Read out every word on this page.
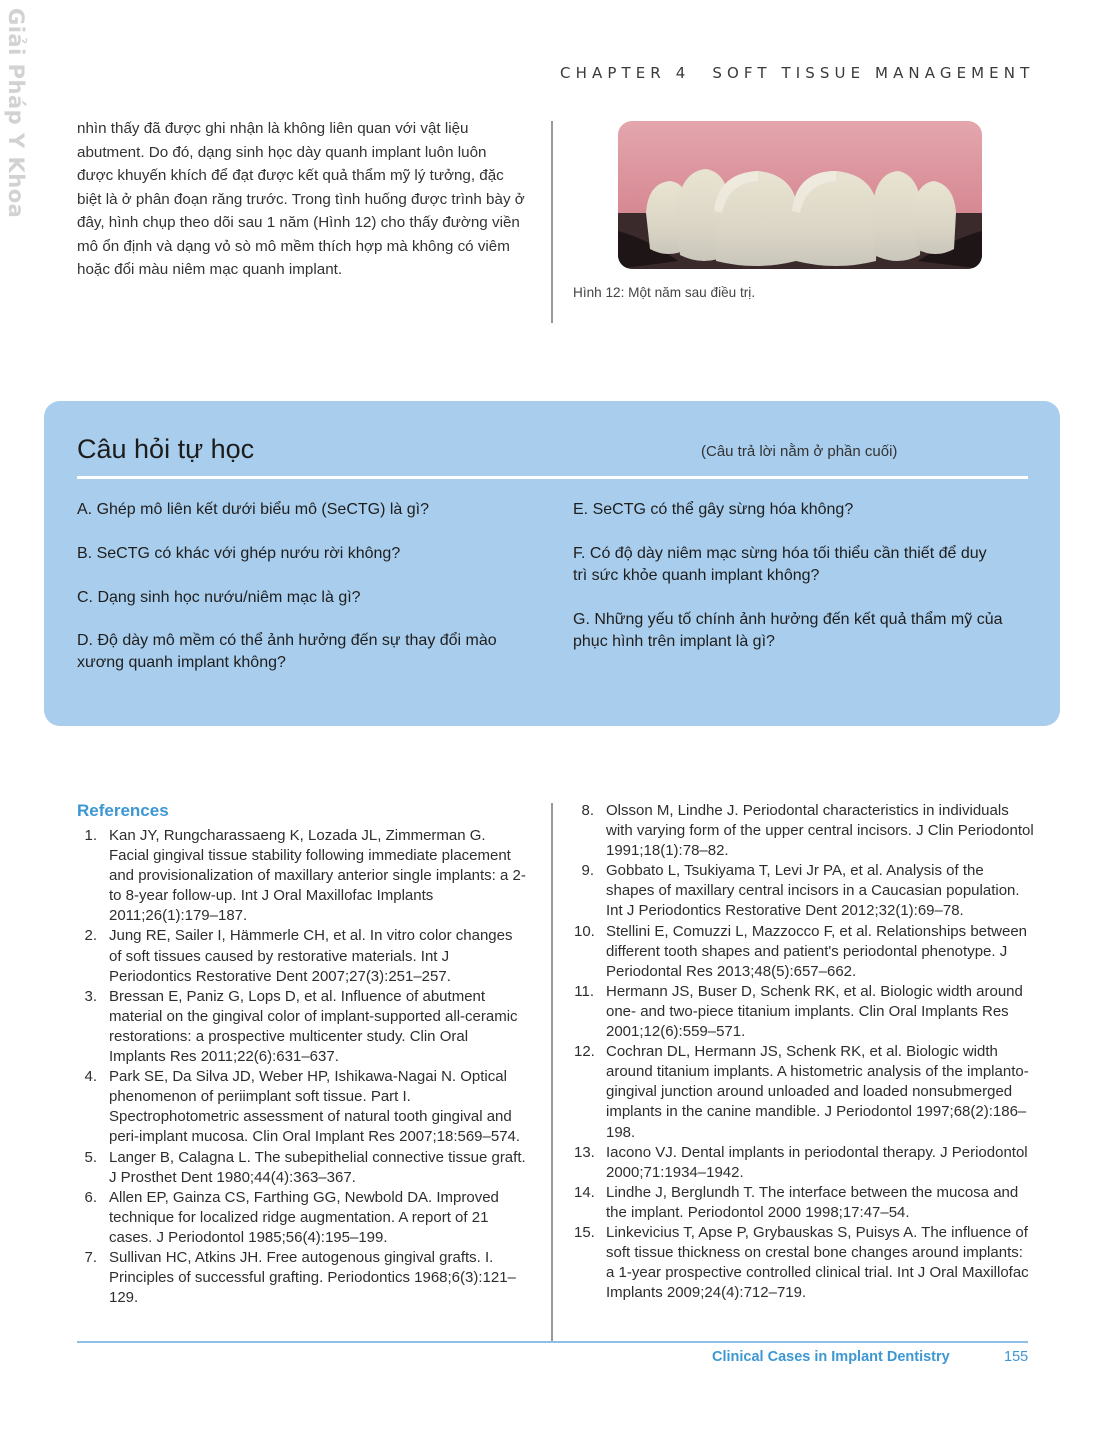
Giải Pháp Y Khoa	CHAPTER 4 SOFT TISSUE MANAGEMENT
nhìn thấy đã được ghi nhận là không liên quan với vật liệu abutment. Do đó, dạng sinh học dày quanh implant luôn luôn được khuyến khích để đạt được kết quả thẩm mỹ lý tưởng, đặc biệt là ở phân đoạn răng trước. Trong tình huống được trình bày ở đây, hình chụp theo dõi sau 1 năm (Hình 12) cho thấy đường viền mô ổn định và dạng vỏ sò mô mềm thích hợp mà không có viêm hoặc đổi màu niêm mạc quanh implant.
Hình 12: Một năm sau điều trị.
Câu hỏi tự học	(Câu trả lời nằm ở phần cuối)
A. Ghép mô liên kết dưới biểu mô (SeCTG) là gì?
B. SeCTG có khác với ghép nướu rời không?
C. Dạng sinh học nướu/niêm mạc là gì?
D. Độ dày mô mềm có thể ảnh hưởng đến sự thay đổi mào xương quanh implant không?
E. SeCTG có thể gây sừng hóa không?
F. Có độ dày niêm mạc sừng hóa tối thiểu cần thiết để duy trì sức khỏe quanh implant không?
G. Những yếu tố chính ảnh hưởng đến kết quả thẩm mỹ của phục hình trên implant là gì?
References
1. Kan JY, Rungcharassaeng K, Lozada JL, Zimmerman G. Facial gingival tissue stability following immediate placement and provisionalization of maxillary anterior single implants: a 2- to 8-year follow-up. Int J Oral Maxillofac Implants 2011;26(1):179–187.
2. Jung RE, Sailer I, Hämmerle CH, et al. In vitro color changes of soft tissues caused by restorative materials. Int J Periodontics Restorative Dent 2007;27(3):251–257.
3. Bressan E, Paniz G, Lops D, et al. Influence of abutment material on the gingival color of implant-supported all-ceramic restorations: a prospective multicenter study. Clin Oral Implants Res 2011;22(6):631–637.
4. Park SE, Da Silva JD, Weber HP, Ishikawa-Nagai N. Optical phenomenon of periimplant soft tissue. Part I. Spectrophotometric assessment of natural tooth gingival and peri-implant mucosa. Clin Oral Implant Res 2007;18:569–574.
5. Langer B, Calagna L. The subepithelial connective tissue graft. J Prosthet Dent 1980;44(4):363–367.
6. Allen EP, Gainza CS, Farthing GG, Newbold DA. Improved technique for localized ridge augmentation. A report of 21 cases. J Periodontol 1985;56(4):195–199.
7. Sullivan HC, Atkins JH. Free autogenous gingival grafts. I. Principles of successful grafting. Periodontics 1968;6(3):121–129.
8. Olsson M, Lindhe J. Periodontal characteristics in individuals with varying form of the upper central incisors. J Clin Periodontol 1991;18(1):78–82.
9. Gobbato L, Tsukiyama T, Levi Jr PA, et al. Analysis of the shapes of maxillary central incisors in a Caucasian population. Int J Periodontics Restorative Dent 2012;32(1):69–78.
10. Stellini E, Comuzzi L, Mazzocco F, et al. Relationships between different tooth shapes and patient's periodontal phenotype. J Periodontal Res 2013;48(5):657–662.
11. Hermann JS, Buser D, Schenk RK, et al. Biologic width around one- and two-piece titanium implants. Clin Oral Implants Res 2001;12(6):559–571.
12. Cochran DL, Hermann JS, Schenk RK, et al. Biologic width around titanium implants. A histometric analysis of the implanto-gingival junction around unloaded and loaded nonsubmerged implants in the canine mandible. J Periodontol 1997;68(2):186–198.
13. Iacono VJ. Dental implants in periodontal therapy. J Periodontol 2000;71:1934–1942.
14. Lindhe J, Berglundh T. The interface between the mucosa and the implant. Periodontol 2000 1998;17:47–54.
15. Linkevicius T, Apse P, Grybauskas S, Puisys A. The influence of soft tissue thickness on crestal bone changes around implants: a 1-year prospective controlled clinical trial. Int J Oral Maxillofac Implants 2009;24(4):712–719.
Clinical Cases in Implant Dentistry	155
